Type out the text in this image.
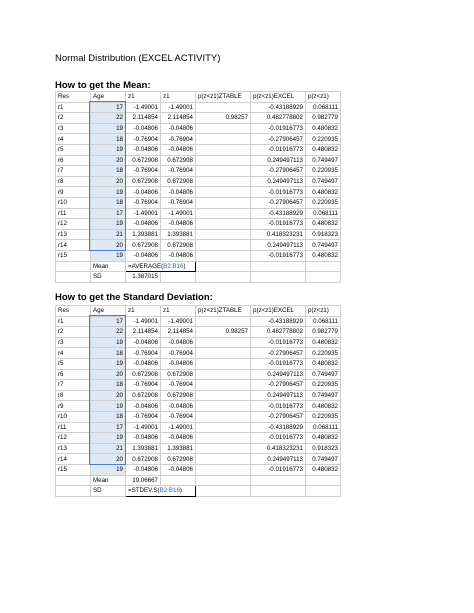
Normal Distribution (EXCEL ACTIVITY)
How to get the Mean:
Res	Age	z1	z1	p(z<z1)ZTABLE	p(z<z1)EXCEL	p(z<z1)
r1	17	-1.49001	-1.49001		-0.43188929	0.068111
r2	22	2.114854	2.114854	0.98257	0.482778802	0.982779
r3	19	-0.04806	-0.04806		-0.01916773	0.480832
r4	18	-0.76904	-0.76904		-0.27906457	0.220935
r5	19	-0.04806	-0.04806		-0.01916773	0.480832
r6	20	0.672908	0.672908		0.249497113	0.749497
r7	18	-0.76904	-0.76904		-0.27906457	0.220935
r8	20	0.672908	0.672908		0.249497113	0.749497
r9	19	-0.04806	-0.04806		-0.01916773	0.480832
r10	18	-0.76904	-0.76904		-0.27906457	0.220935
r11	17	-1.49001	-1.49001		-0.43188929	0.068111
r12	19	-0.04806	-0.04806		-0.01916773	0.480832
r13	21	1.393881	1.393881		0.418323231	0.918323
r14	20	0.672908	0.672908		0.249497113	0.749497
r15	19	-0.04806	-0.04806		-0.01916773	0.480832
	Mean	=AVERAGE(B2:B16)				
	SD	1.387015				
How to get the Standard Deviation:
Res	Age	z1	z1	p(z<z1)ZTABLE	p(z<z1)EXCEL	p(z<z1)
r1	17	-1.49001	-1.49001		-0.43188929	0.068111
r2	22	2.114854	2.114854	0.98257	0.482778802	0.982779
r3	19	-0.04806	-0.04806		-0.01916773	0.480832
r4	18	-0.76904	-0.76904		-0.27906457	0.220935
r5	19	-0.04806	-0.04806		-0.01916773	0.480832
r6	20	0.672908	0.672908		0.249497113	0.749497
r7	18	-0.76904	-0.76904		-0.27906457	0.220935
r8	20	0.672908	0.672908		0.249497113	0.749497
r9	19	-0.04806	-0.04806		-0.01916773	0.480832
r10	18	-0.76904	-0.76904		-0.27906457	0.220935
r11	17	-1.49001	-1.49001		-0.43188929	0.068111
r12	19	-0.04806	-0.04806		-0.01916773	0.480832
r13	21	1.393881	1.393881		0.418323231	0.918323
r14	20	0.672908	0.672908		0.249497113	0.749497
r15	19	-0.04806	-0.04806		-0.01916773	0.480832
	Mean	19.06667				
	SD	=STDEV.S(B2:B16)				
